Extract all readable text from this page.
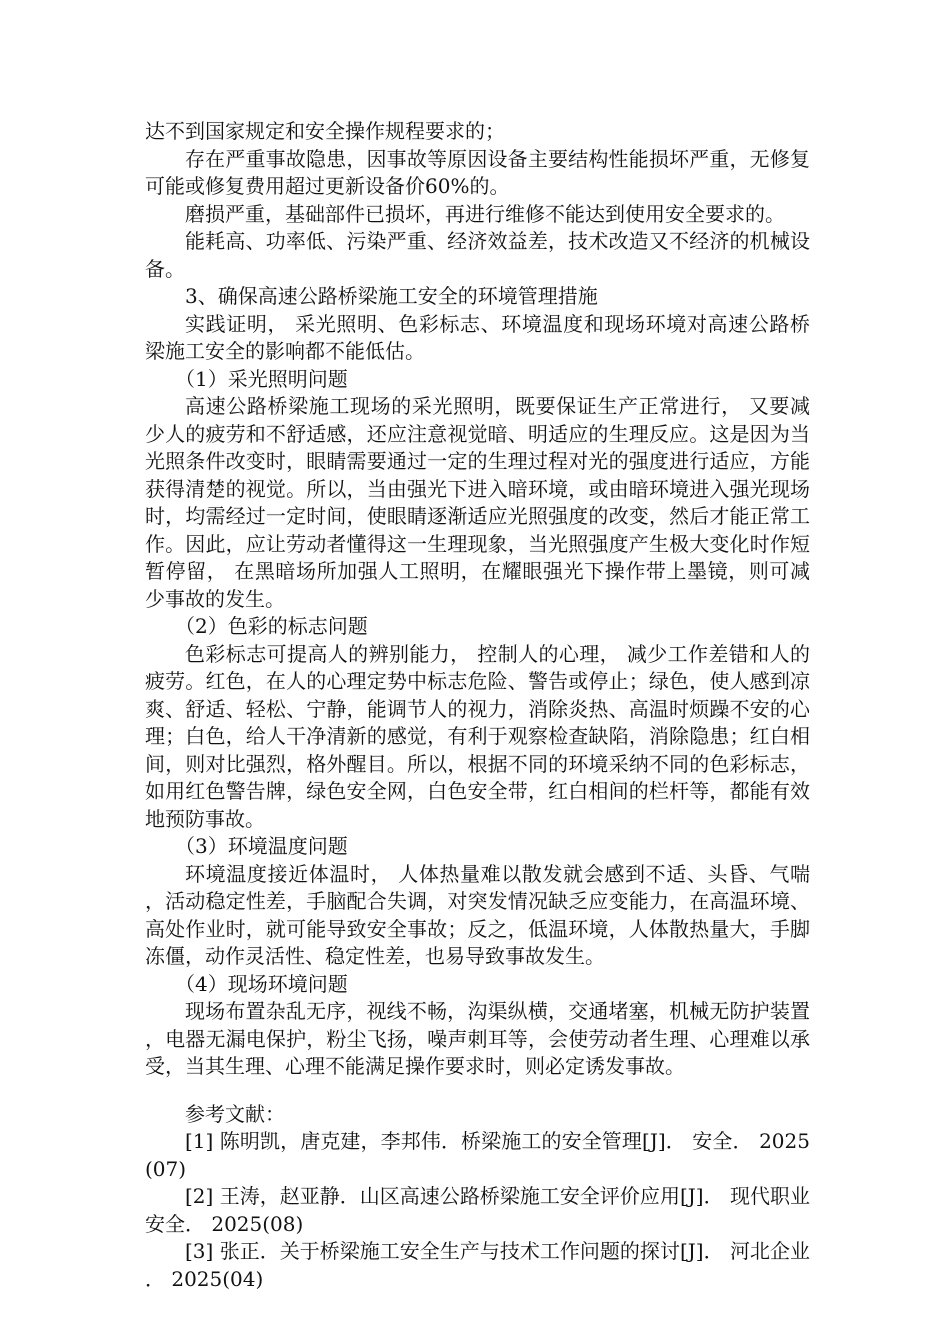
达不到国家规定和安全操作规程要求的；

存在严重事故隐患，因事故等原因设备主要结构性能损坏严重，无修复可能或修复费用超过更新设备价60%的。

磨损严重，基础部件已损坏，再进行维修不能达到使用安全要求的。

能耗高、功率低、污染严重、经济效益差，技术改造又不经济的机械设备。

3、确保高速公路桥梁施工安全的环境管理措施

实践证明， 采光照明、色彩标志、环境温度和现场环境对高速公路桥梁施工安全的影响都不能低估。

（1）采光照明问题

高速公路桥梁施工现场的采光照明，既要保证生产正常进行， 又要减少人的疲劳和不舒适感，还应注意视觉暗、明适应的生理反应。这是因为当光照条件改变时，眼睛需要通过一定的生理过程对光的强度进行适应，方能获得清楚的视觉。所以，当由强光下进入暗环境，或由暗环境进入强光现场时，均需经过一定时间，使眼睛逐渐适应光照强度的改变，然后才能正常工作。因此，应让劳动者懂得这一生理现象，当光照强度产生极大变化时作短暂停留， 在黑暗场所加强人工照明，在耀眼强光下操作带上墨镜，则可减少事故的发生。

（2）色彩的标志问题

色彩标志可提高人的辨别能力， 控制人的心理， 减少工作差错和人的疲劳。红色，在人的心理定势中标志危险、警告或停止；绿色，使人感到凉爽、舒适、轻松、宁静，能调节人的视力，消除炎热、高温时烦躁不安的心理；白色，给人干净清新的感觉，有利于观察检查缺陷，消除隐患；红白相间，则对比强烈，格外醒目。所以，根据不同的环境采纳不同的色彩标志， 如用红色警告牌，绿色安全网，白色安全带，红白相间的栏杆等，都能有效地预防事故。

（3）环境温度问题

环境温度接近体温时， 人体热量难以散发就会感到不适、头昏、气喘，活动稳定性差，手脑配合失调，对突发情况缺乏应变能力，在高温环境、高处作业时，就可能导致安全事故；反之，低温环境，人体散热量大，手脚冻僵，动作灵活性、稳定性差，也易导致事故发生。

（4）现场环境问题

现场布置杂乱无序，视线不畅，沟渠纵横，交通堵塞，机械无防护装置，电器无漏电保护，粉尘飞扬，噪声刺耳等，会使劳动者生理、心理难以承受，当其生理、心理不能满足操作要求时，则必定诱发事故。

参考文献：

[1] 陈明凯，唐克建，李邦伟．桥梁施工的安全管理[J]． 安全． 2025(07)

[2] 王涛，赵亚静．山区高速公路桥梁施工安全评价应用[J]． 现代职业安全． 2025(08)

[3] 张正．关于桥梁施工安全生产与技术工作问题的探讨[J]． 河北企业． 2025(04)
